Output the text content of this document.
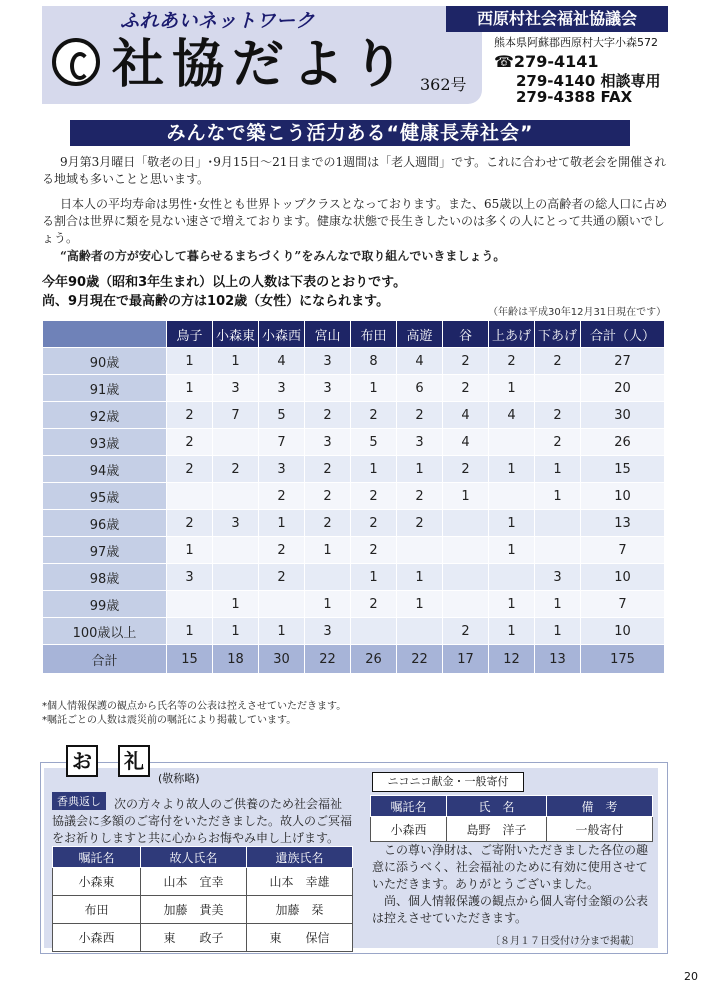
ふれあいネットワーク
社協だより 362号
西原村社会福祉協議会
熊本県阿蘇郡西原村大字小森572
☎279-4141
279-4140 相談専用
279-4388 FAX
みんなで築こう活力ある“健康長寿社会”

9月第3月曜日「敬老の日」･9月15日～21日までの1週間は「老人週間」です。これに合わせて敬老会を開催される地域も多いことと思います。

日本人の平均寿命は男性･女性とも世界トップクラスとなっております。また、65歳以上の高齢者の総人口に占める割合は世界に類を見ない速さで増えております。健康な状態で長生きしたいのは多くの人にとって共通の願いでしょう。

“高齢者の方が安心して暮らせるまちづくり”をみんなで取り組んでいきましょう。

今年90歳（昭和3年生まれ）以上の人数は下表のとおりです。
尚、9月現在で最高齢の方は102歳（女性）になられます。
（年齢は平成30年12月31日現在です）
	鳥子	小森東	小森西	宮山	布田	高遊	谷	上あげ	下あげ	合計（人）
90歳	1	1	4	3	8	4	2	2	2	27
91歳	1	3	3	3	1	6	2	1		20
92歳	2	7	5	2	2	2	4	4	2	30
93歳	2		7	3	5	3	4		2	26
94歳	2	2	3	2	1	1	2	1	1	15
95歳			2	2	2	2	1		1	10
96歳	2	3	1	2	2	2		1		13
97歳	1		2	1	2			1		7
98歳	3		2		1	1			3	10
99歳		1		1	2	1		1	1	7
100歳以上	1	1	1	3			2	1	1	10
合計	15	18	30	22	26	22	17	12	13	175
*個人情報保護の観点から氏名等の公表は控えさせていただきます。
*嘱託ごとの人数は震災前の嘱託により掲載しています。
お	礼
(敬称略)
次の方々より故人のご供養のため社会福祉協議会に多額のご寄付をいただきました。故人のご冥福をお祈りしますと共に心からお悔やみ申し上げます。
香典返し
嘱託名	故人氏名	遺族氏名
小森東	山本　宜幸	山本　幸雄
布田	加藤　貴美	加藤　栞
小森西	東　　政子	東　　保信
ニコニコ献金・一般寄付
嘱託名	氏　名	備　考
小森西	島野　洋子	一般寄付

この尊い浄財は、ご寄附いただきました各位の趣意に添うべく、社会福祉のために有効に使用させていただきます。ありがとうございました。

尚、個人情報保護の観点から個人寄付金額の公表は控えさせていただきます。

〔８月１７日受付け分まで掲載〕
20
